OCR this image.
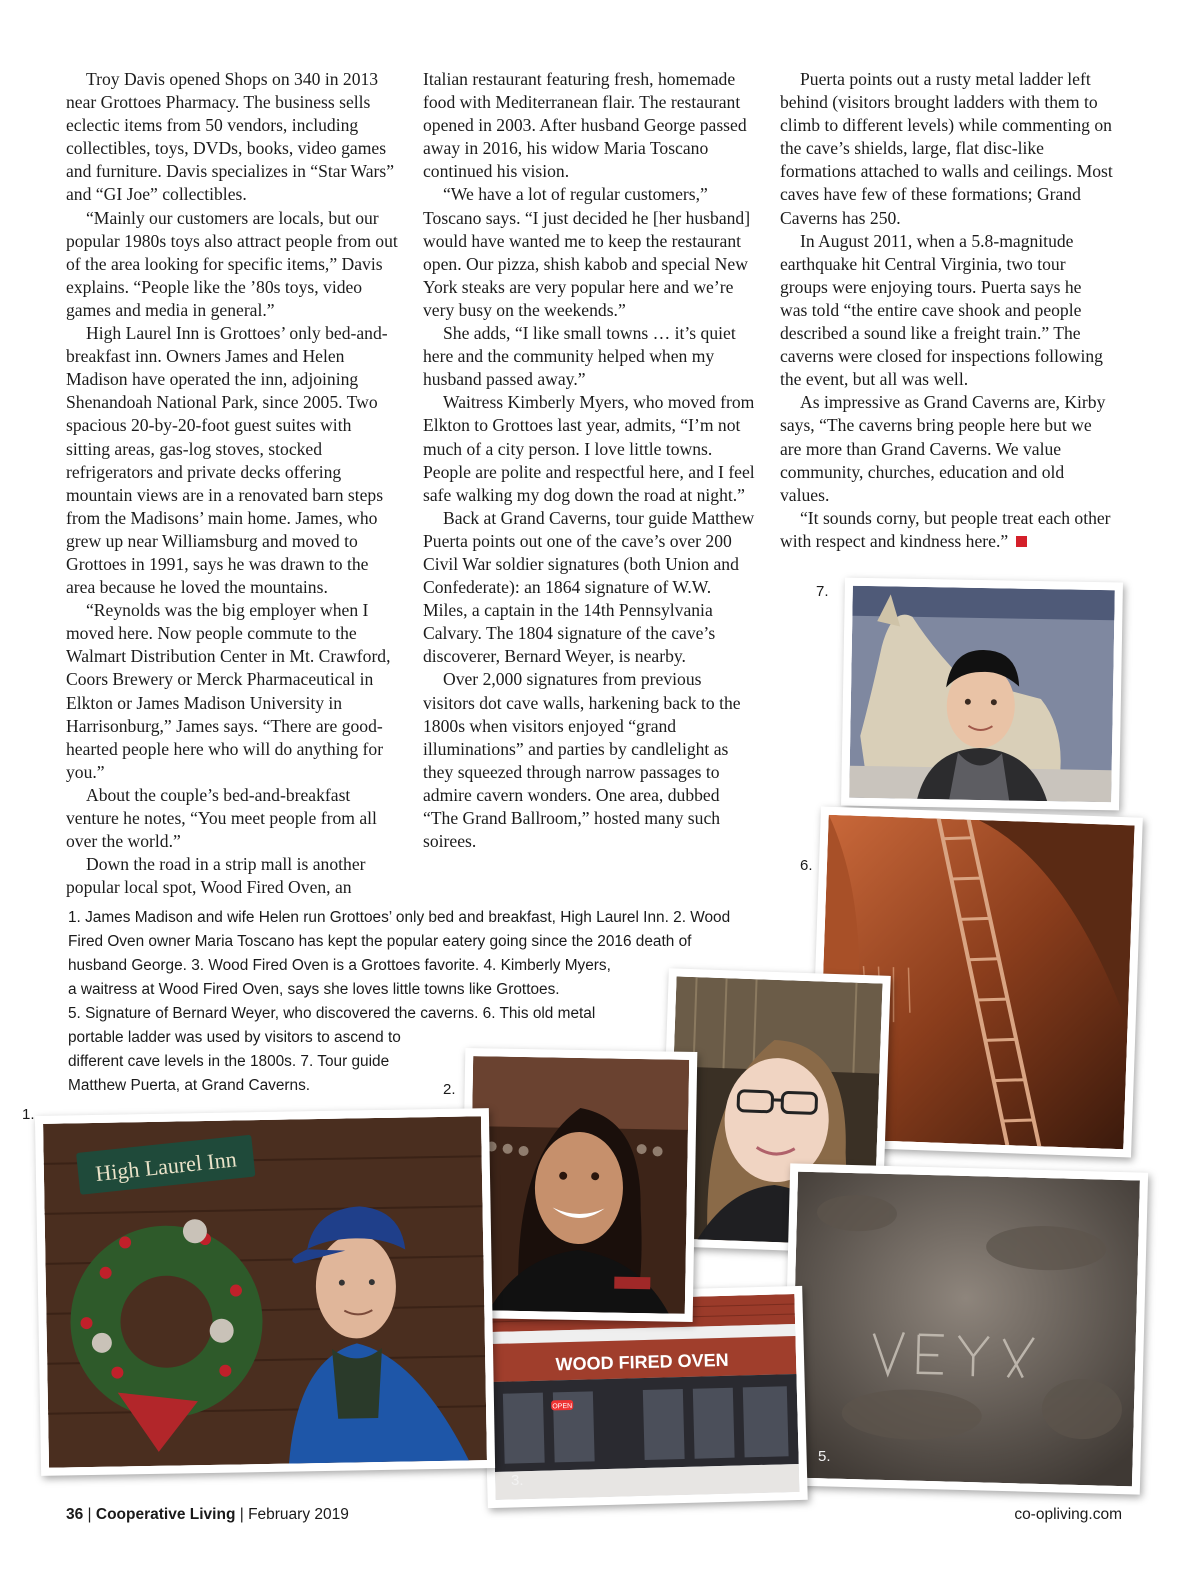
Troy Davis opened Shops on 340 in 2013 near Grottoes Pharmacy. The business sells eclectic items from 50 vendors, including collectibles, toys, DVDs, books, video games and furniture. Davis specializes in “Star Wars” and “GI Joe” collectibles.

“Mainly our customers are locals, but our popular 1980s toys also attract people from out of the area looking for specific items,” Davis explains. “People like the ’80s toys, video games and media in general.”

High Laurel Inn is Grottoes’ only bed-and-breakfast inn. Owners James and Helen Madison have operated the inn, adjoining Shenandoah National Park, since 2005. Two spacious 20-by-20-foot guest suites with sitting areas, gas-log stoves, stocked refrigerators and private decks offering mountain views are in a renovated barn steps from the Madisons’ main home. James, who grew up near Williamsburg and moved to Grottoes in 1991, says he was drawn to the area because he loved the mountains.

“Reynolds was the big employer when I moved here. Now people commute to the Walmart Distribution Center in Mt. Crawford, Coors Brewery or Merck Pharmaceutical in Elkton or James Madison University in Harrisonburg,” James says. “There are good-hearted people here who will do anything for you.”

About the couple’s bed-and-breakfast venture he notes, “You meet people from all over the world.”

Down the road in a strip mall is another popular local spot, Wood Fired Oven, an

Italian restaurant featuring fresh, homemade food with Mediterranean flair. The restaurant opened in 2003. After husband George passed away in 2016, his widow Maria Toscano continued his vision.

“We have a lot of regular customers,” Toscano says. “I just decided he [her husband] would have wanted me to keep the restaurant open. Our pizza, shish kabob and special New York steaks are very popular here and we’re very busy on the weekends.”

She adds, “I like small towns … it’s quiet here and the community helped when my husband passed away.”

Waitress Kimberly Myers, who moved from Elkton to Grottoes last year, admits, “I’m not much of a city person. I love little towns. People are polite and respectful here, and I feel safe walking my dog down the road at night.”

Back at Grand Caverns, tour guide Matthew Puerta points out one of the cave’s over 200 Civil War soldier signatures (both Union and Confederate): an 1864 signature of W.W. Miles, a captain in the 14th Pennsylvania Calvary. The 1804 signature of the cave’s discoverer, Bernard Weyer, is nearby.

Over 2,000 signatures from previous visitors dot cave walls, harkening back to the 1800s when visitors enjoyed “grand illuminations” and parties by candlelight as they squeezed through narrow passages to admire cavern wonders. One area, dubbed “The Grand Ballroom,” hosted many such soirees.

Puerta points out a rusty metal ladder left behind (visitors brought ladders with them to climb to different levels) while commenting on the cave’s shields, large, flat disc-like formations attached to walls and ceilings. Most caves have few of these formations; Grand Caverns has 250.

In August 2011, when a 5.8-magnitude earthquake hit Central Virginia, two tour groups were enjoying tours. Puerta says he was told “the entire cave shook and people described a sound like a freight train.” The caverns were closed for inspections following the event, but all was well.

As impressive as Grand Caverns are, Kirby says, “The caverns bring people here but we are more than Grand Caverns. We value community, churches, education and old values.

“It sounds corny, but people treat each other with respect and kindness here.”

7.
6.
5.
WOOD FIRED OVEN
OPEN
3.
2.
High Laurel Inn
1.
1. James Madison and wife Helen run Grottoes’ only bed and breakfast, High Laurel Inn. 2. Wood
Fired Oven owner Maria Toscano has kept the popular eatery going since the 2016 death of
husband George. 3. Wood Fired Oven is a Grottoes favorite. 4. Kimberly Myers,
a waitress at Wood Fired Oven, says she loves little towns like Grottoes.
5. Signature of Bernard Weyer, who discovered the caverns. 6. This old metal
portable ladder was used by visitors to ascend to
different cave levels in the 1800s. 7. Tour guide
Matthew Puerta, at Grand Caverns.
36 | Cooperative Living | February 2019	co-opliving.com
